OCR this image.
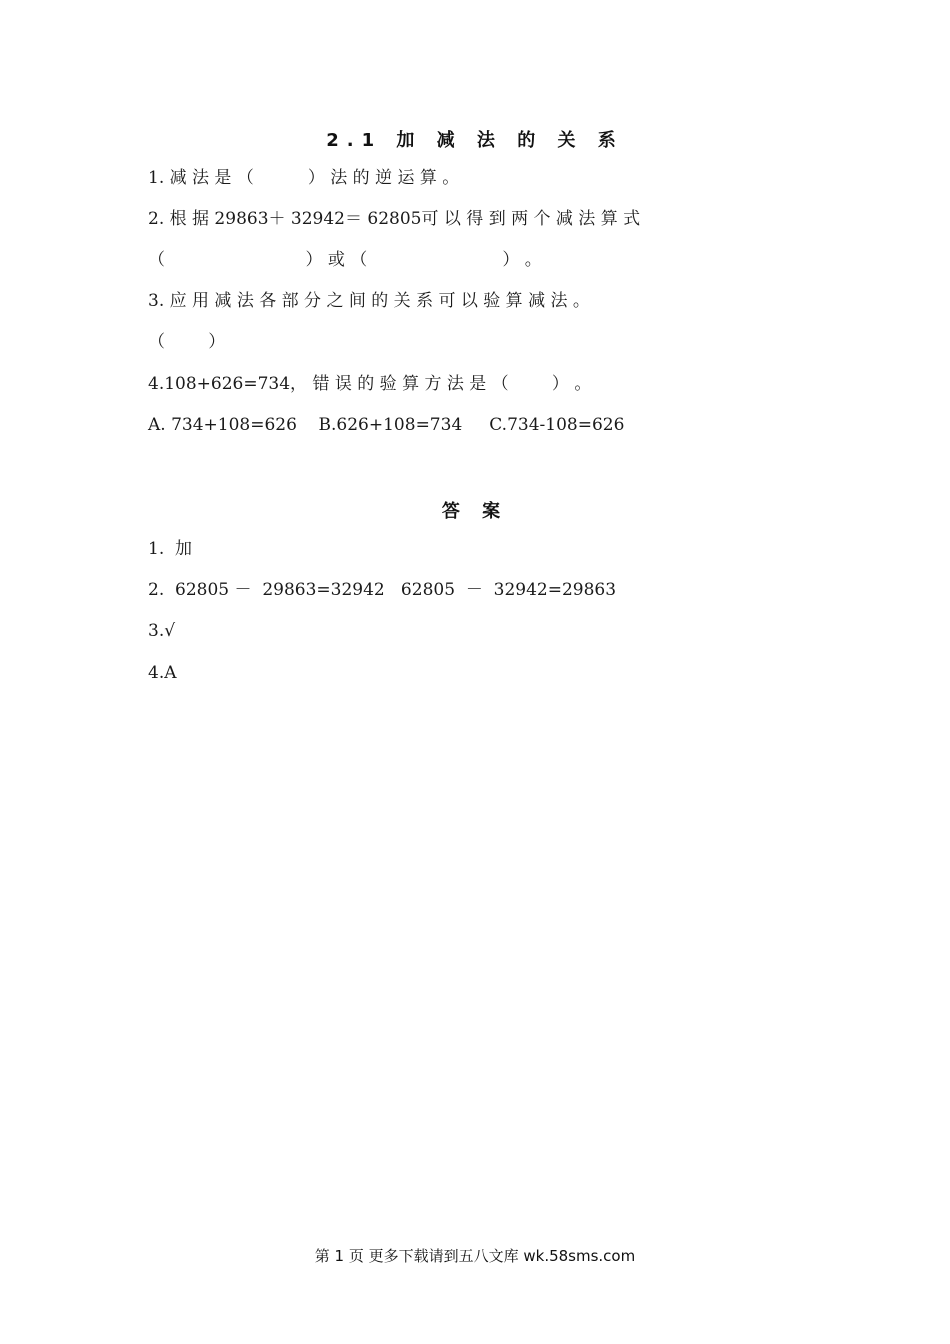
2.1 加 减 法 的 关 系
1. 减 法 是 （          ） 法 的 逆 运 算 。
2. 根 据 29863＋ 32942＝ 62805可 以 得 到 两 个 减 法 算 式
（                          ） 或 （                         ） 。
3. 应 用 减 法 各 部 分 之 间 的 关 系 可 以 验 算 减 法 。
（        ）
4.108+626=734， 错 误 的 验 算 方 法 是 （        ） 。
A. 734+108=626    B.626+108=734     C.734-108=626
答 案
1.  加
2.  62805 －  29863=32942   62805  －  32942=29863
3.√
4.A
第 1 页 更多下载请到五八文库 wk.58sms.com
